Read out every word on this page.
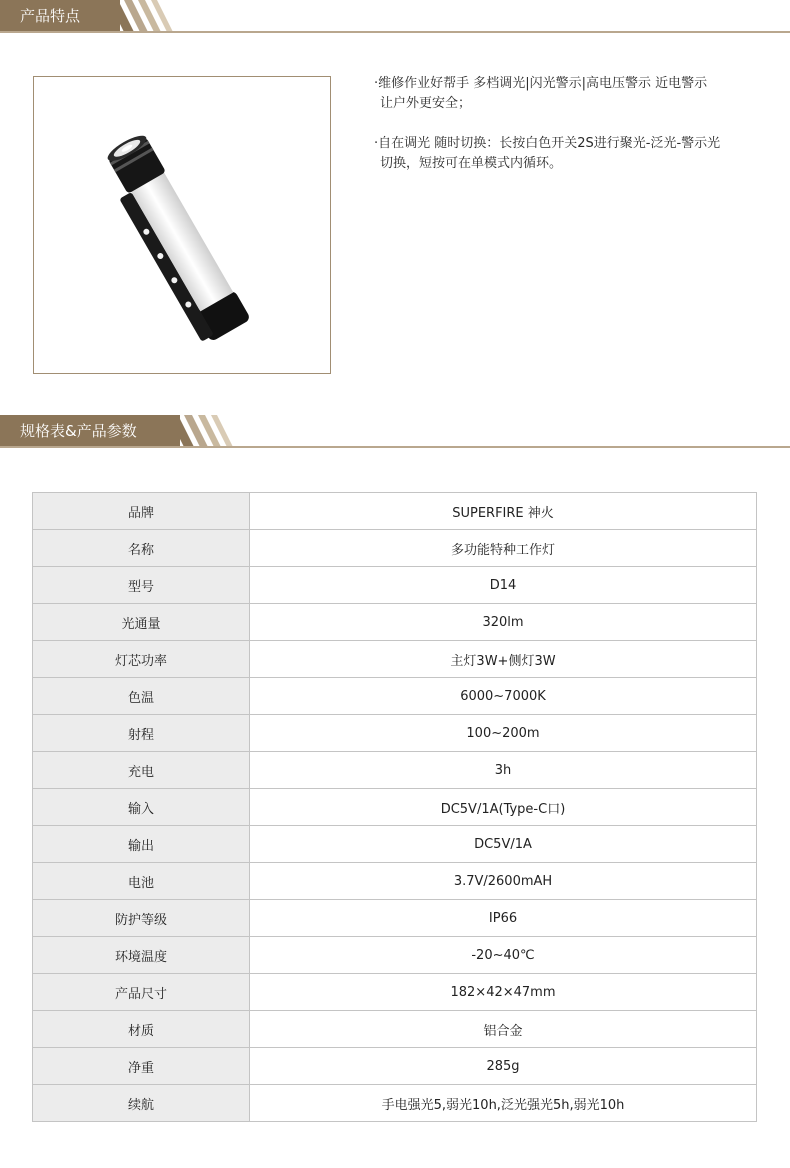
产品特点
·维修作业好帮手 多档调光|闪光警示|高电压警示 近电警示
让户外更安全；
·自在调光 随时切换：长按白色开关2S进行聚光-泛光-警示光
切换，短按可在单模式内循环。
规格表&产品参数
品牌	SUPERFIRE 神火
名称	多功能特种工作灯
型号	D14
光通量	320lm
灯芯功率	主灯3W+侧灯3W
色温	6000~7000K
射程	100~200m
充电	3h
输入	DC5V/1A(Type-C口)
输出	DC5V/1A
电池	3.7V/2600mAH
防护等级	IP66
环境温度	-20~40℃
产品尺寸	182×42×47mm
材质	铝合金
净重	285g
续航	手电强光5,弱光10h,泛光强光5h,弱光10h
